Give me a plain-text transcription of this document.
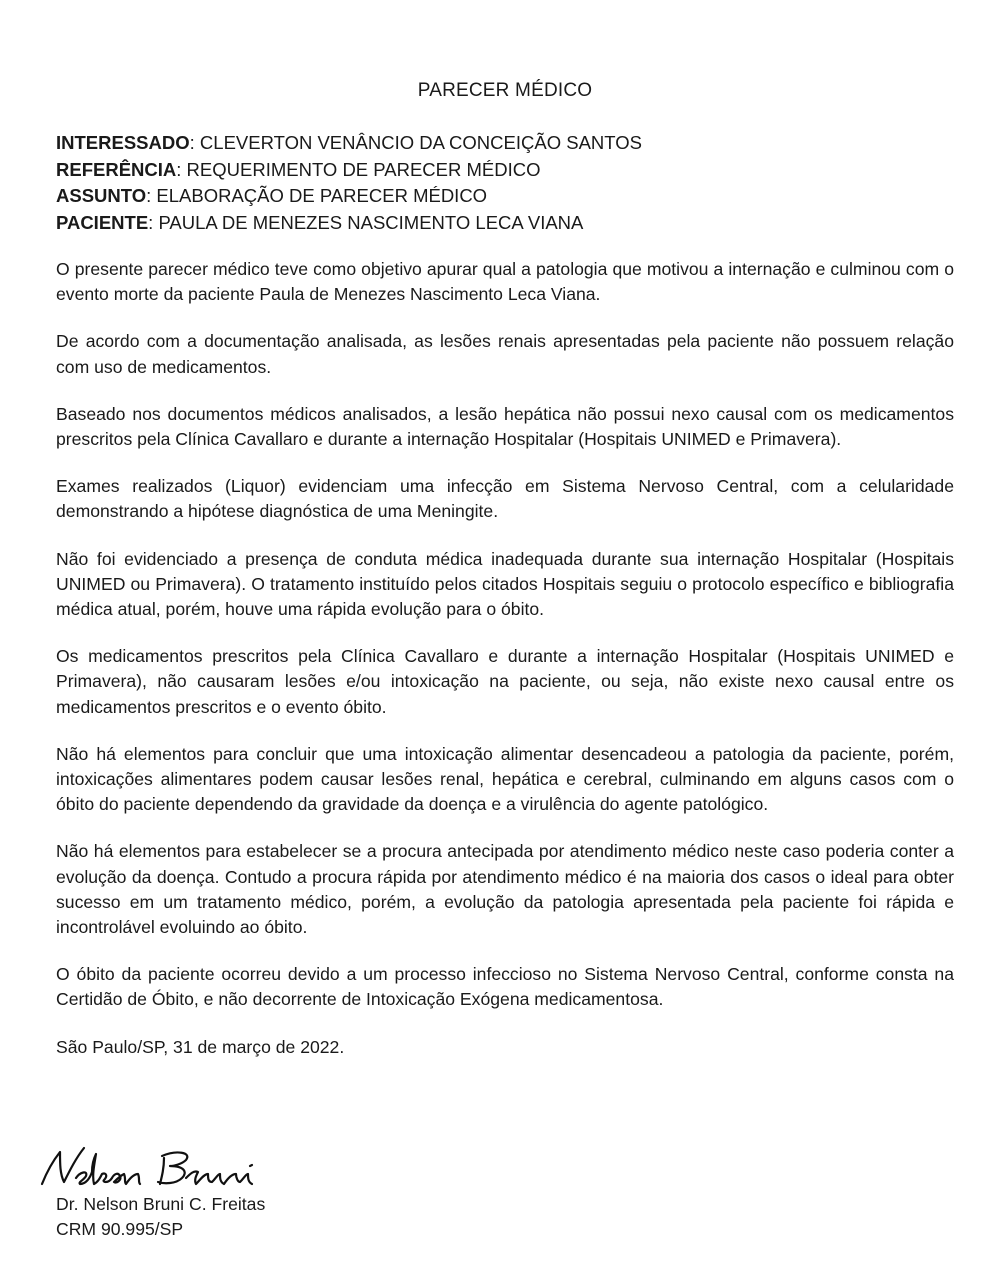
PARECER MÉDICO
INTERESSADO: CLEVERTON VENÂNCIO DA CONCEIÇÃO SANTOS
REFERÊNCIA: REQUERIMENTO DE PARECER MÉDICO
ASSUNTO: ELABORAÇÃO DE PARECER MÉDICO
PACIENTE: PAULA DE MENEZES NASCIMENTO LECA VIANA

O presente parecer médico teve como objetivo apurar qual a patologia que motivou a internação e culminou com o evento morte da paciente Paula de Menezes Nascimento Leca Viana.

De acordo com a documentação analisada, as lesões renais apresentadas pela paciente não possuem relação com uso de medicamentos.

Baseado nos documentos médicos analisados, a lesão hepática não possui nexo causal com os medicamentos prescritos pela Clínica Cavallaro e durante a internação Hospitalar (Hospitais UNIMED e Primavera).

Exames realizados (Liquor) evidenciam uma infecção em Sistema Nervoso Central, com a celularidade demonstrando a hipótese diagnóstica de uma Meningite.

Não foi evidenciado a presença de conduta médica inadequada durante sua internação Hospitalar (Hospitais UNIMED ou Primavera). O tratamento instituído pelos citados Hospitais seguiu o protocolo específico e bibliografia médica atual, porém, houve uma rápida evolução para o óbito.

Os medicamentos prescritos pela Clínica Cavallaro e durante a internação Hospitalar (Hospitais UNIMED e Primavera), não causaram lesões e/ou intoxicação na paciente, ou seja, não existe nexo causal entre os medicamentos prescritos e o evento óbito.

Não há elementos para concluir que uma intoxicação alimentar desencadeou a patologia da paciente, porém, intoxicações alimentares podem causar lesões renal, hepática e cerebral, culminando em alguns casos com o óbito do paciente dependendo da gravidade da doença e a virulência do agente patológico.

Não há elementos para estabelecer se a procura antecipada por atendimento médico neste caso poderia conter a evolução da doença. Contudo a procura rápida por atendimento médico é na maioria dos casos o ideal para obter sucesso em um tratamento médico, porém, a evolução da patologia apresentada pela paciente foi rápida e incontrolável evoluindo ao óbito.

O óbito da paciente ocorreu devido a um processo infeccioso no Sistema Nervoso Central, conforme consta na Certidão de Óbito, e não decorrente de Intoxicação Exógena medicamentosa.

São Paulo/SP, 31 de março de 2022.
Dr. Nelson Bruni C. Freitas
CRM 90.995/SP
